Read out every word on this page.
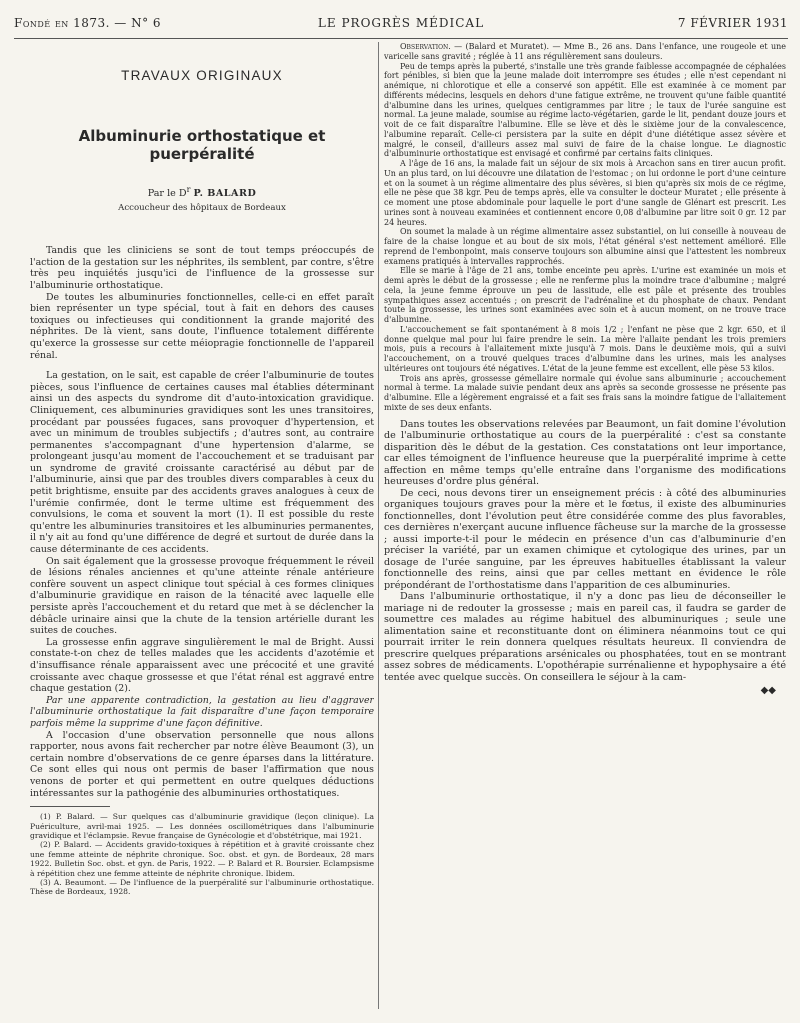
Fondé en 1873. — N° 6	LE PROGRÈS MÉDICAL	7 FÉVRIER 1931
TRAVAUX ORIGINAUX
Albuminurie orthostatique et puerpéralité
Par le $D^r$ P. BALARD
Accoucheur des hôpitaux de Bordeaux

Tandis que les cliniciens se sont de tout temps préoccupés de l'action de la gestation sur les néphrites, ils semblent, par contre, s'être très peu inquiétés jusqu'ici de l'influence de la grossesse sur l'albuminurie orthostatique.

De toutes les albuminuries fonctionnelles, celle-ci en effet paraît bien représenter un type spécial, tout à fait en dehors des causes toxiques ou infectieuses qui conditionnent la grande majorité des néphrites. De là vient, sans doute, l'influence totalement différente qu'exerce la grossesse sur cette méiopragie fonctionnelle de l'appareil rénal.

La gestation, on le sait, est capable de créer l'albuminurie de toutes pièces, sous l'influence de certaines causes mal établies déterminant ainsi un des aspects du syndrome dit d'auto-intoxication gravidique. Cliniquement, ces albuminuries gravidiques sont les unes transitoires, procédant par poussées fugaces, sans provoquer d'hypertension, et avec un minimum de troubles subjectifs ; d'autres sont, au contraire permanentes s'accompagnant d'une hypertension d'alarme, se prolongeant jusqu'au moment de l'accouchement et se traduisant par un syndrome de gravité croissante caractérisé au début par de l'albuminurie, ainsi que par des troubles divers comparables à ceux du petit brightisme, ensuite par des accidents graves analogues à ceux de l'urémie confirmée, dont le terme ultime est fréquemment des convulsions, le coma et souvent la mort (1). Il est possible du reste qu'entre les albuminuries transitoires et les albuminuries permanentes, il n'y ait au fond qu'une différence de degré et surtout de durée dans la cause déterminante de ces accidents.

On sait également que la grossesse provoque fréquemment le réveil de lésions rénales anciennes et qu'une atteinte rénale antérieure confère souvent un aspect clinique tout spécial à ces formes cliniques d'albuminurie gravidique en raison de la ténacité avec laquelle elle persiste après l'accouchement et du retard que met à se déclencher la débâcle urinaire ainsi que la chute de la tension artérielle durant les suites de couches.

La grossesse enfin aggrave singulièrement le mal de Bright. Aussi constate-t-on chez de telles malades que les accidents d'azotémie et d'insuffisance rénale apparaissent avec une précocité et une gravité croissante avec chaque grossesse et que l'état rénal est aggravé entre chaque gestation (2).

Par une apparente contradiction, la gestation au lieu d'aggraver l'albuminurie orthostatique la fait disparaître d'une façon temporaire parfois même la supprime d'une façon définitive.

A l'occasion d'une observation personnelle que nous allons rapporter, nous avons fait rechercher par notre élève Beaumont (3), un certain nombre d'observations de ce genre éparses dans la littérature. Ce sont elles qui nous ont permis de baser l'affirmation que nous venons de porter et qui permettent en outre quelques déductions intéressantes sur la pathogénie des albuminuries orthostatiques.

(1) P. Balard. — Sur quelques cas d'albuminurie gravidique (leçon clinique). La Puériculture, avril-mai 1925. — Les données oscillométriques dans l'albuminurie gravidique et l'éclampsie. Revue française de Gynécologie et d'obstétrique, mai 1921.

(2) P. Balard. — Accidents gravido-toxiques à répétition et à gravité croissante chez une femme atteinte de néphrite chronique. Soc. obst. et gyn. de Bordeaux, 28 mars 1922. Bulletin Soc. obst. et gyn. de Paris, 1922. — P. Balard et R. Boursier. Eclampsisme à répétition chez une femme atteinte de néphrite chronique. Ibidem.

(3) A. Beaumont. — De l'influence de la puerpéralité sur l'albuminurie orthostatique. Thèse de Bordeaux, 1928.

Observation. — (Balard et Muratet). — Mme B., 26 ans. Dans l'enfance, une rougeole et une varicelle sans gravité ; réglée à 11 ans régulièrement sans douleurs.

Peu de temps après la puberté, s'installe une très grande faiblesse accompagnée de céphalées fort pénibles, si bien que la jeune malade doit interrompre ses études ; elle n'est cependant ni anémique, ni chlorotique et elle a conservé son appétit. Elle est examinée à ce moment par différents médecins, lesquels en dehors d'une fatigue extrême, ne trouvent qu'une faible quantité d'albumine dans les urines, quelques centigrammes par litre ; le taux de l'urée sanguine est normal. La jeune malade, soumise au régime lacto-végétarien, garde le lit, pendant douze jours et voit de ce fait disparaître l'albumine. Elle se lève et dès le sixième jour de la convalescence, l'albumine reparaît. Celle-ci persistera par la suite en dépit d'une diététique assez sévère et malgré, le conseil, d'ailleurs assez mal suivi de faire de la chaise longue. Le diagnostic d'albuminurie orthostatique est envisagé et confirmé par certains faits cliniques.

A l'âge de 16 ans, la malade fait un séjour de six mois à Arcachon sans en tirer aucun profit. Un an plus tard, on lui découvre une dilatation de l'estomac ; on lui ordonne le port d'une ceinture et on la soumet à un régime alimentaire des plus sévères, si bien qu'après six mois de ce régime, elle ne pèse que 38 kgr. Peu de temps après, elle va consulter le docteur Muratet ; elle présente à ce moment une ptose abdominale pour laquelle le port d'une sangle de Glénart est prescrit. Les urines sont à nouveau examinées et contiennent encore 0,08 d'albumine par litre soit 0 gr. 12 par 24 heures.

On soumet la malade à un régime alimentaire assez substantiel, on lui conseille à nouveau de faire de la chaise longue et au bout de six mois, l'état général s'est nettement amélioré. Elle reprend de l'embonpoint, mais conserve toujours son albumine ainsi que l'attestent les nombreux examens pratiqués à intervalles rapprochés.

Elle se marie à l'âge de 21 ans, tombe enceinte peu après. L'urine est examinée un mois et demi après le début de la grossesse ; elle ne renferme plus la moindre trace d'albumine ; malgré cela, la jeune femme éprouve un peu de lassitude, elle est pâle et présente des troubles sympathiques assez accentués ; on prescrit de l'adrénaline et du phosphate de chaux. Pendant toute la grossesse, les urines sont examinées avec soin et à aucun moment, on ne trouve trace d'albumine.

L'accouchement se fait spontanément à 8 mois 1/2 ; l'enfant ne pèse que 2 kgr. 650, et il donne quelque mal pour lui faire prendre le sein. La mère l'allaite pendant les trois premiers mois, puis a recours à l'allaitement mixte jusqu'à 7 mois. Dans le deuxième mois, qui a suivi l'accouchement, on a trouvé quelques traces d'albumine dans les urines, mais les analyses ultérieures ont toujours été négatives. L'état de la jeune femme est excellent, elle pèse 53 kilos.

Trois ans après, grossesse gémellaire normale qui évolue sans albuminurie ; accouchement normal à terme. La malade suivie pendant deux ans après sa seconde grossesse ne présente pas d'albumine. Elle a légèrement engraissé et a fait ses frais sans la moindre fatigue de l'allaitement mixte de ses deux enfants.

Dans toutes les observations relevées par Beaumont, un fait domine l'évolution de l'albuminurie orthostatique au cours de la puerpéralité : c'est sa constante disparition dès le début de la gestation. Ces constatations ont leur importance, car elles témoignent de l'influence heureuse que la puerpéralité imprime à cette affection en même temps qu'elle entraîne dans l'organisme des modifications heureuses d'ordre plus général.

De ceci, nous devons tirer un enseignement précis : à côté des albuminuries organiques toujours graves pour la mère et le fœtus, il existe des albuminuries fonctionnelles, dont l'évolution peut être considérée comme des plus favorables, ces dernières n'exerçant aucune influence fâcheuse sur la marche de la grossesse ; aussi importe-t-il pour le médecin en présence d'un cas d'albuminurie d'en préciser la variété, par un examen chimique et cytologique des urines, par un dosage de l'urée sanguine, par les épreuves habituelles établissant la valeur fonctionnelle des reins, ainsi que par celles mettant en évidence le rôle prépondérant de l'orthostatisme dans l'apparition de ces albuminuries.

Dans l'albuminurie orthostatique, il n'y a donc pas lieu de déconseiller le mariage ni de redouter la grossesse ; mais en pareil cas, il faudra se garder de soumettre ces malades au régime habituel des albuminuriques ; seule une alimentation saine et reconstituante dont on éliminera néanmoins tout ce qui pourrait irriter le rein donnera quelques résultats heureux. Il conviendra de prescrire quelques préparations arsénicales ou phosphatées, tout en se montrant assez sobres de médicaments. L'opothérapie surrénalienne et hypophysaire a été tentée avec quelque succès. On conseillera le séjour à la cam-

◆◆
